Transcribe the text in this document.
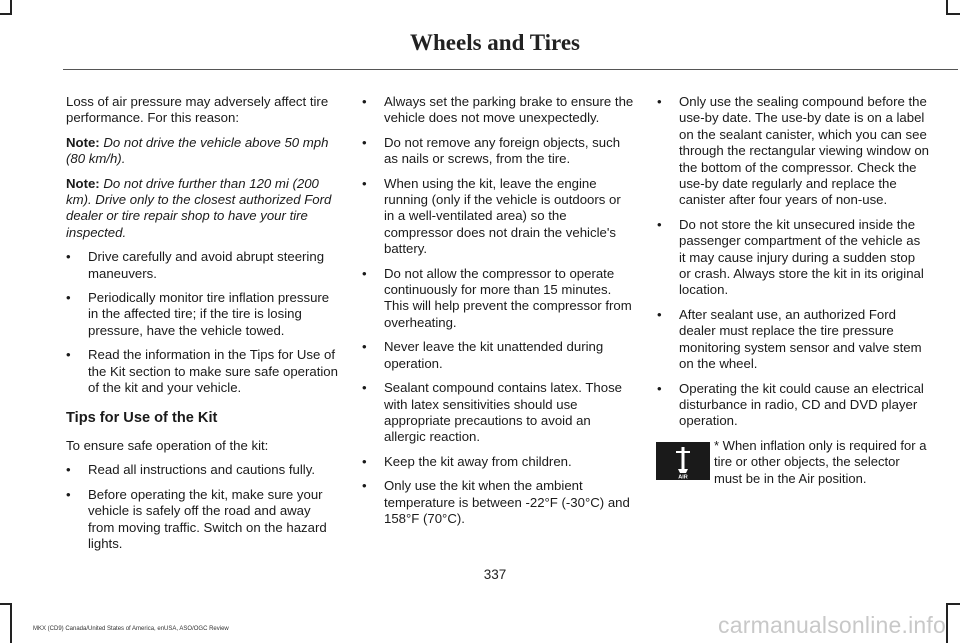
Wheels and Tires

Loss of air pressure may adversely affect tire performance. For this reason:

Note: Do not drive the vehicle above 50 mph (80 km/h).

Note: Do not drive further than 120 mi (200 km). Drive only to the closest authorized Ford dealer or tire repair shop to have your tire inspected.

• Drive carefully and avoid abrupt steering maneuvers.
• Periodically monitor tire inflation pressure in the affected tire; if the tire is losing pressure, have the vehicle towed.
• Read the information in the Tips for Use of the Kit section to make sure safe operation of the kit and your vehicle.
Tips for Use of the Kit

To ensure safe operation of the kit:

• Read all instructions and cautions fully.
• Before operating the kit, make sure your vehicle is safely off the road and away from moving traffic. Switch on the hazard lights.
• Always set the parking brake to ensure the vehicle does not move unexpectedly.
• Do not remove any foreign objects, such as nails or screws, from the tire.
• When using the kit, leave the engine running (only if the vehicle is outdoors or in a well-ventilated area) so the compressor does not drain the vehicle's battery.
• Do not allow the compressor to operate continuously for more than 15 minutes. This will help prevent the compressor from overheating.
• Never leave the kit unattended during operation.
• Sealant compound contains latex. Those with latex sensitivities should use appropriate precautions to avoid an allergic reaction.
• Keep the kit away from children.
• Only use the kit when the ambient temperature is between -22°F (-30°C) and 158°F (70°C).
• Only use the sealing compound before the use-by date. The use-by date is on a label on the sealant canister, which you can see through the rectangular viewing window on the bottom of the compressor. Check the use-by date regularly and replace the canister after four years of non-use.
• Do not store the kit unsecured inside the passenger compartment of the vehicle as it may cause injury during a sudden stop or crash. Always store the kit in its original location.
• After sealant use, an authorized Ford dealer must replace the tire pressure monitoring system sensor and valve stem on the wheel.
• Operating the kit could cause an electrical disturbance in radio, CD and DVD player operation.
AIR
* When inflation only is required for a tire or other objects, the selector must be in the Air position.
337
MKX (CD9) Canada/United States of America, enUSA, ASO/OGC Review	carmanualsonline.info
